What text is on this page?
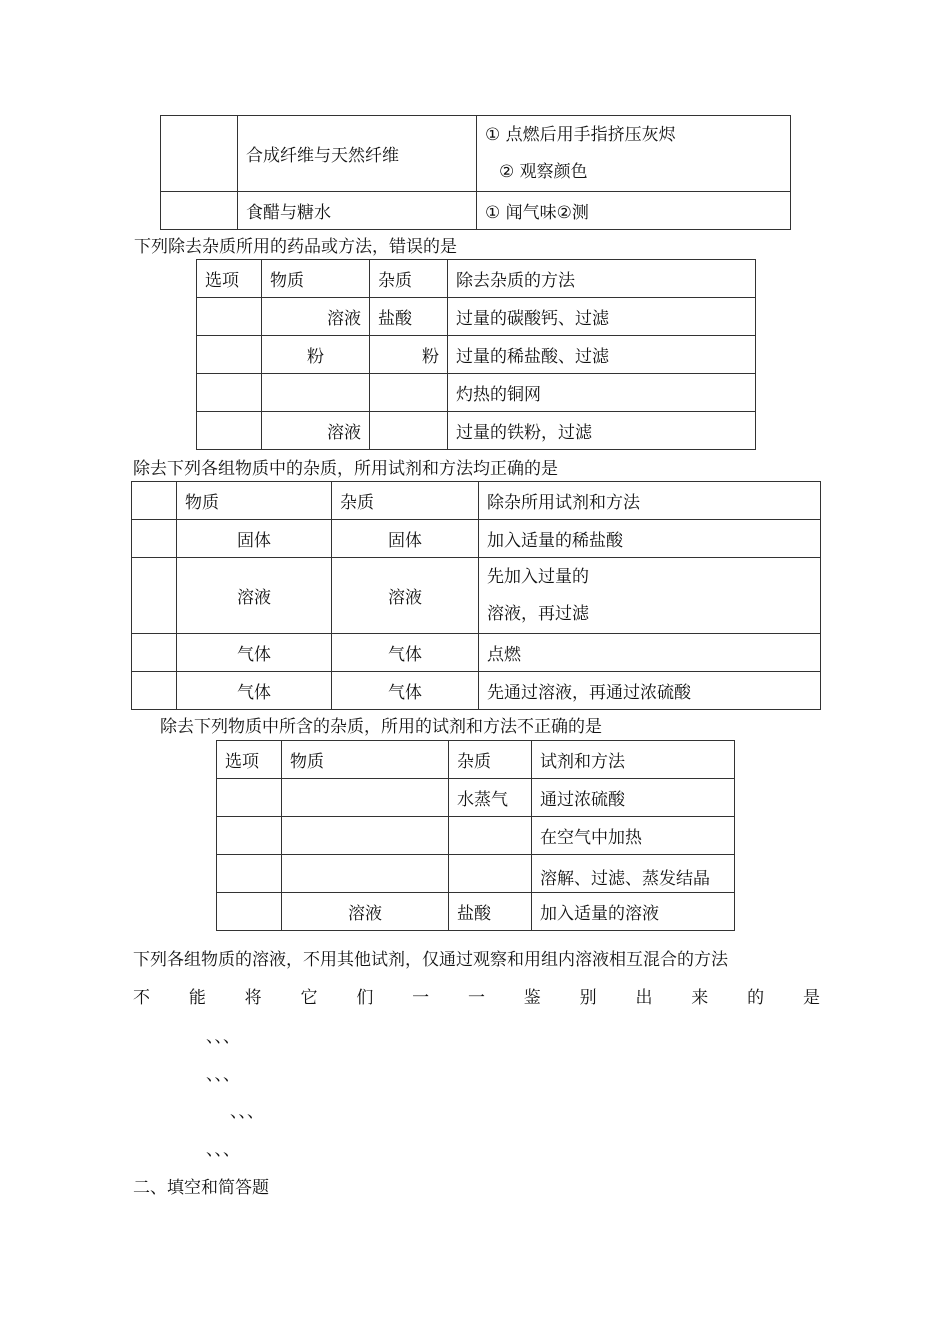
	合成纤维与天然纤维	① 点燃后用手指挤压灰烬
② 观察颜色

	食醋与糖水	① 闻气味②测
下列除去杂质所用的药品或方法，错误的是
选项	物质	杂质	除去杂质的方法
	溶液	盐酸	过量的碳酸钙、过滤
	粉	粉	过量的稀盐酸、过滤
			灼热的铜网
	溶液		过量的铁粉，过滤
除去下列各组物质中的杂质，所用试剂和方法均正确的是
	物质	杂质	除杂所用试剂和方法
	固体	固体	加入适量的稀盐酸
	溶液	溶液	先加入过量的
溶液，再过滤

	气体	气体	点燃
	气体	气体	先通过溶液，再通过浓硫酸
除去下列物质中所含的杂质，所用的试剂和方法不正确的是
选项	物质	杂质	试剂和方法
		水蒸气	通过浓硫酸
			在空气中加热

			溶解、过滤、蒸发结晶

	溶液	盐酸	加入适量的溶液
下列各组物质的溶液，不用其他试剂，仅通过观察和用组内溶液相互混合的方法
不 能 将 它 们 一 一 鉴 别 出 来 的 是
、、、
、、、
、、、
、、、
二、填空和简答题
